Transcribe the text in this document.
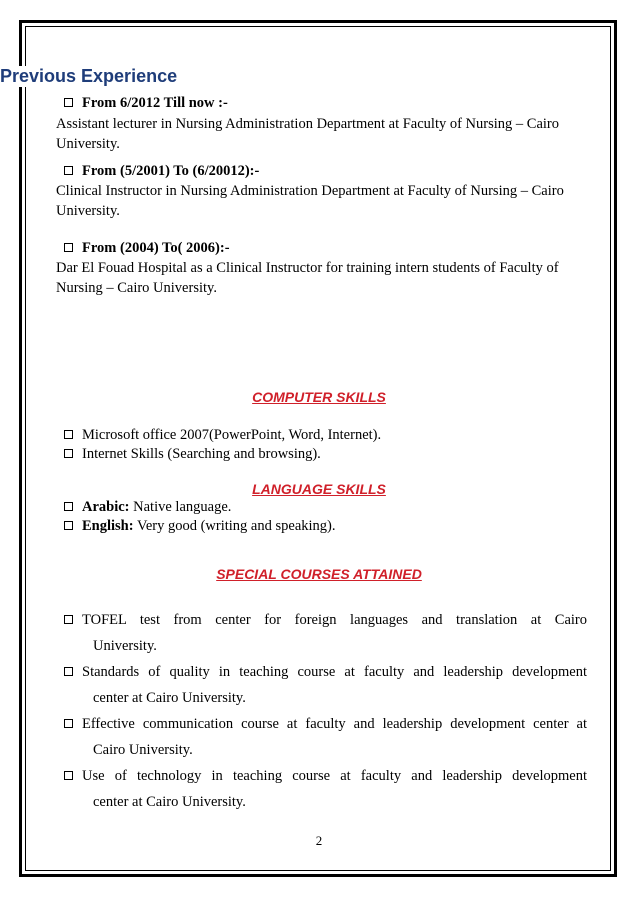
Previous Experience
From 6/2012 Till now :-
Assistant lecturer in Nursing Administration Department at Faculty of Nursing – Cairo University.
From (5/2001) To (6/20012):-
Clinical Instructor in Nursing Administration Department at Faculty of Nursing – Cairo University.
From (2004) To( 2006):-
Dar El Fouad Hospital as a Clinical Instructor for training intern students of Faculty of Nursing – Cairo University.
COMPUTER SKILLS
Microsoft office 2007(PowerPoint, Word, Internet).
Internet Skills (Searching and browsing).
LANGUAGE SKILLS
Arabic: Native language.
English: Very good (writing and speaking).
SPECIAL COURSES ATTAINED
TOFEL test from center for foreign languages and translation at Cairo
University.
Standards of quality in teaching course at faculty and leadership development
center at Cairo University.
Effective communication course at faculty and leadership development center at
Cairo University.
Use of technology in teaching course at faculty and leadership development
center at Cairo University.
2
